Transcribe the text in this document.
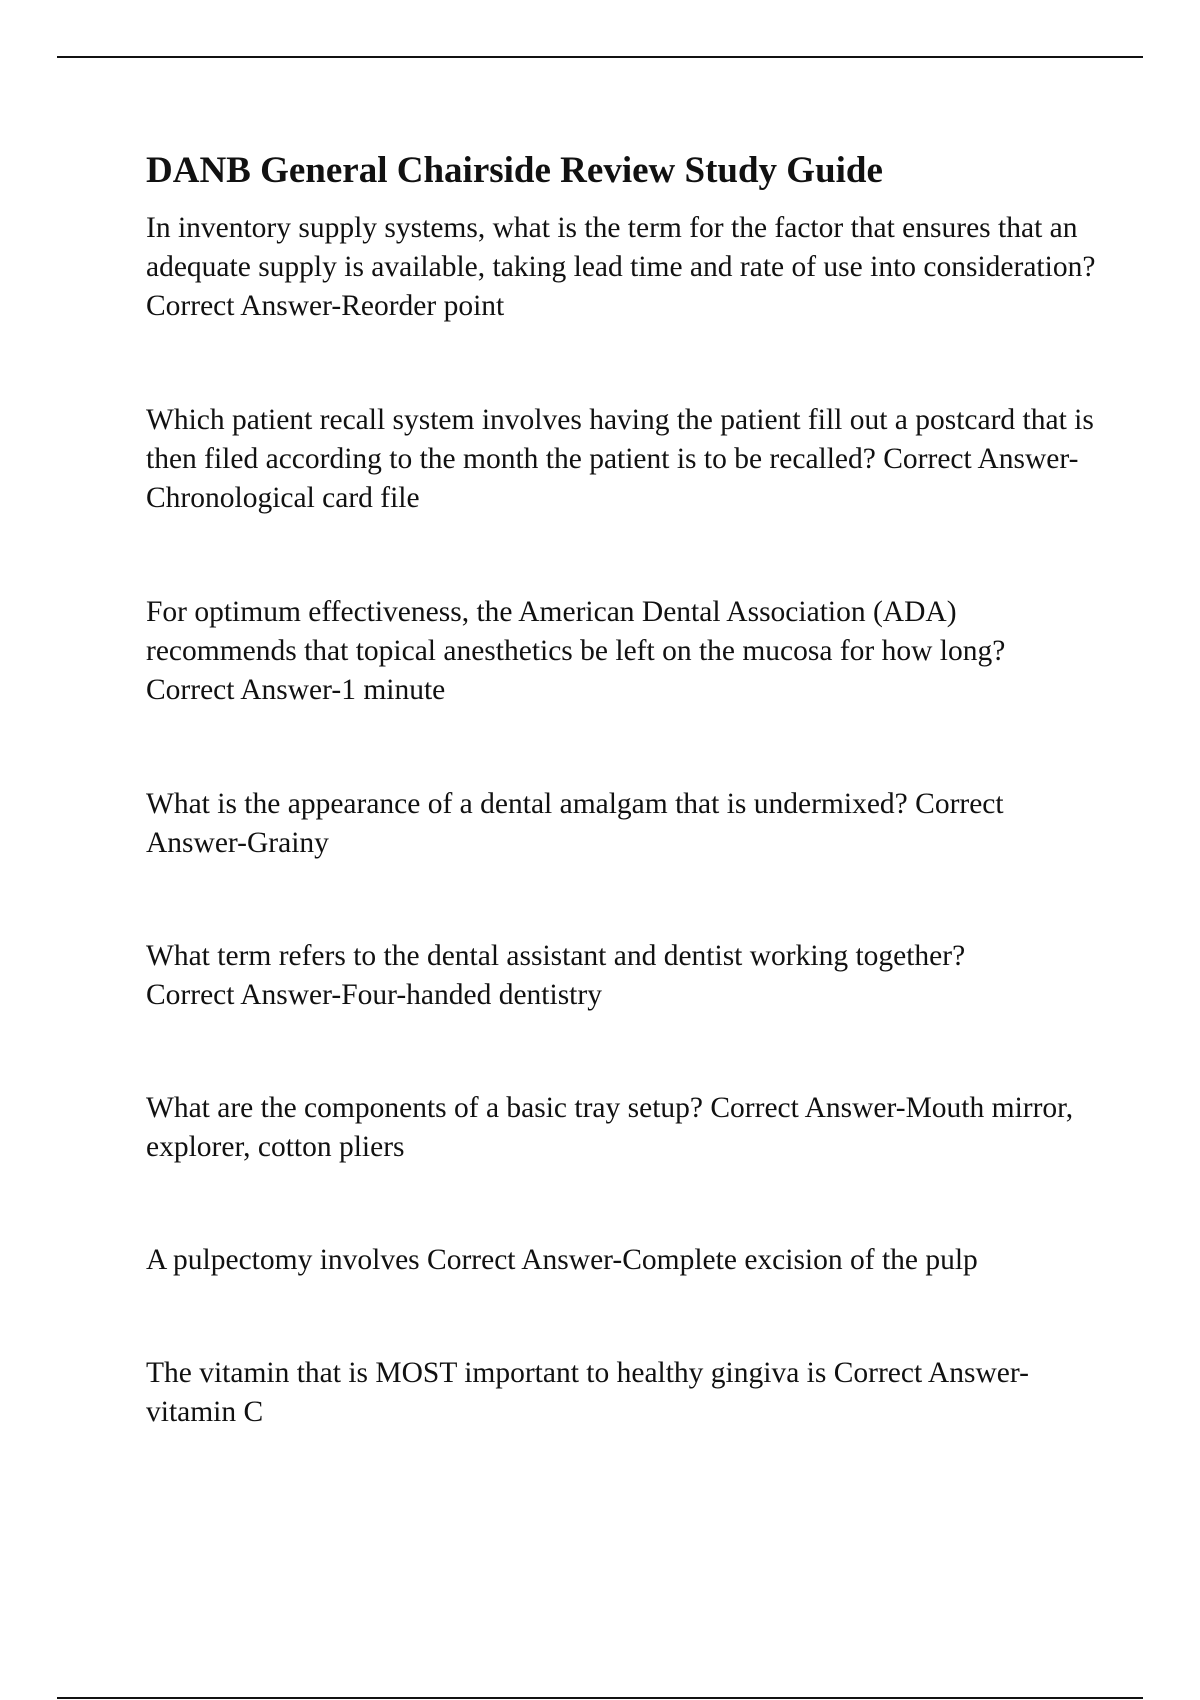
DANB General Chairside Review Study Guide

In inventory supply systems, what is the term for the factor that ensures that an adequate supply is available, taking lead time and rate of use into consideration? Correct Answer-Reorder point

Which patient recall system involves having the patient fill out a postcard that is then filed according to the month the patient is to be recalled? Correct Answer-Chronological card file

For optimum effectiveness, the American Dental Association (ADA) recommends that topical anesthetics be left on the mucosa for how long?
Correct Answer-1 minute

What is the appearance of a dental amalgam that is undermixed? Correct Answer-Grainy

What term refers to the dental assistant and dentist working together?
Correct Answer-Four-handed dentistry

What are the components of a basic tray setup? Correct Answer-Mouth mirror, explorer, cotton pliers

A pulpectomy involves Correct Answer-Complete excision of the pulp

The vitamin that is MOST important to healthy gingiva is Correct Answer-vitamin C
